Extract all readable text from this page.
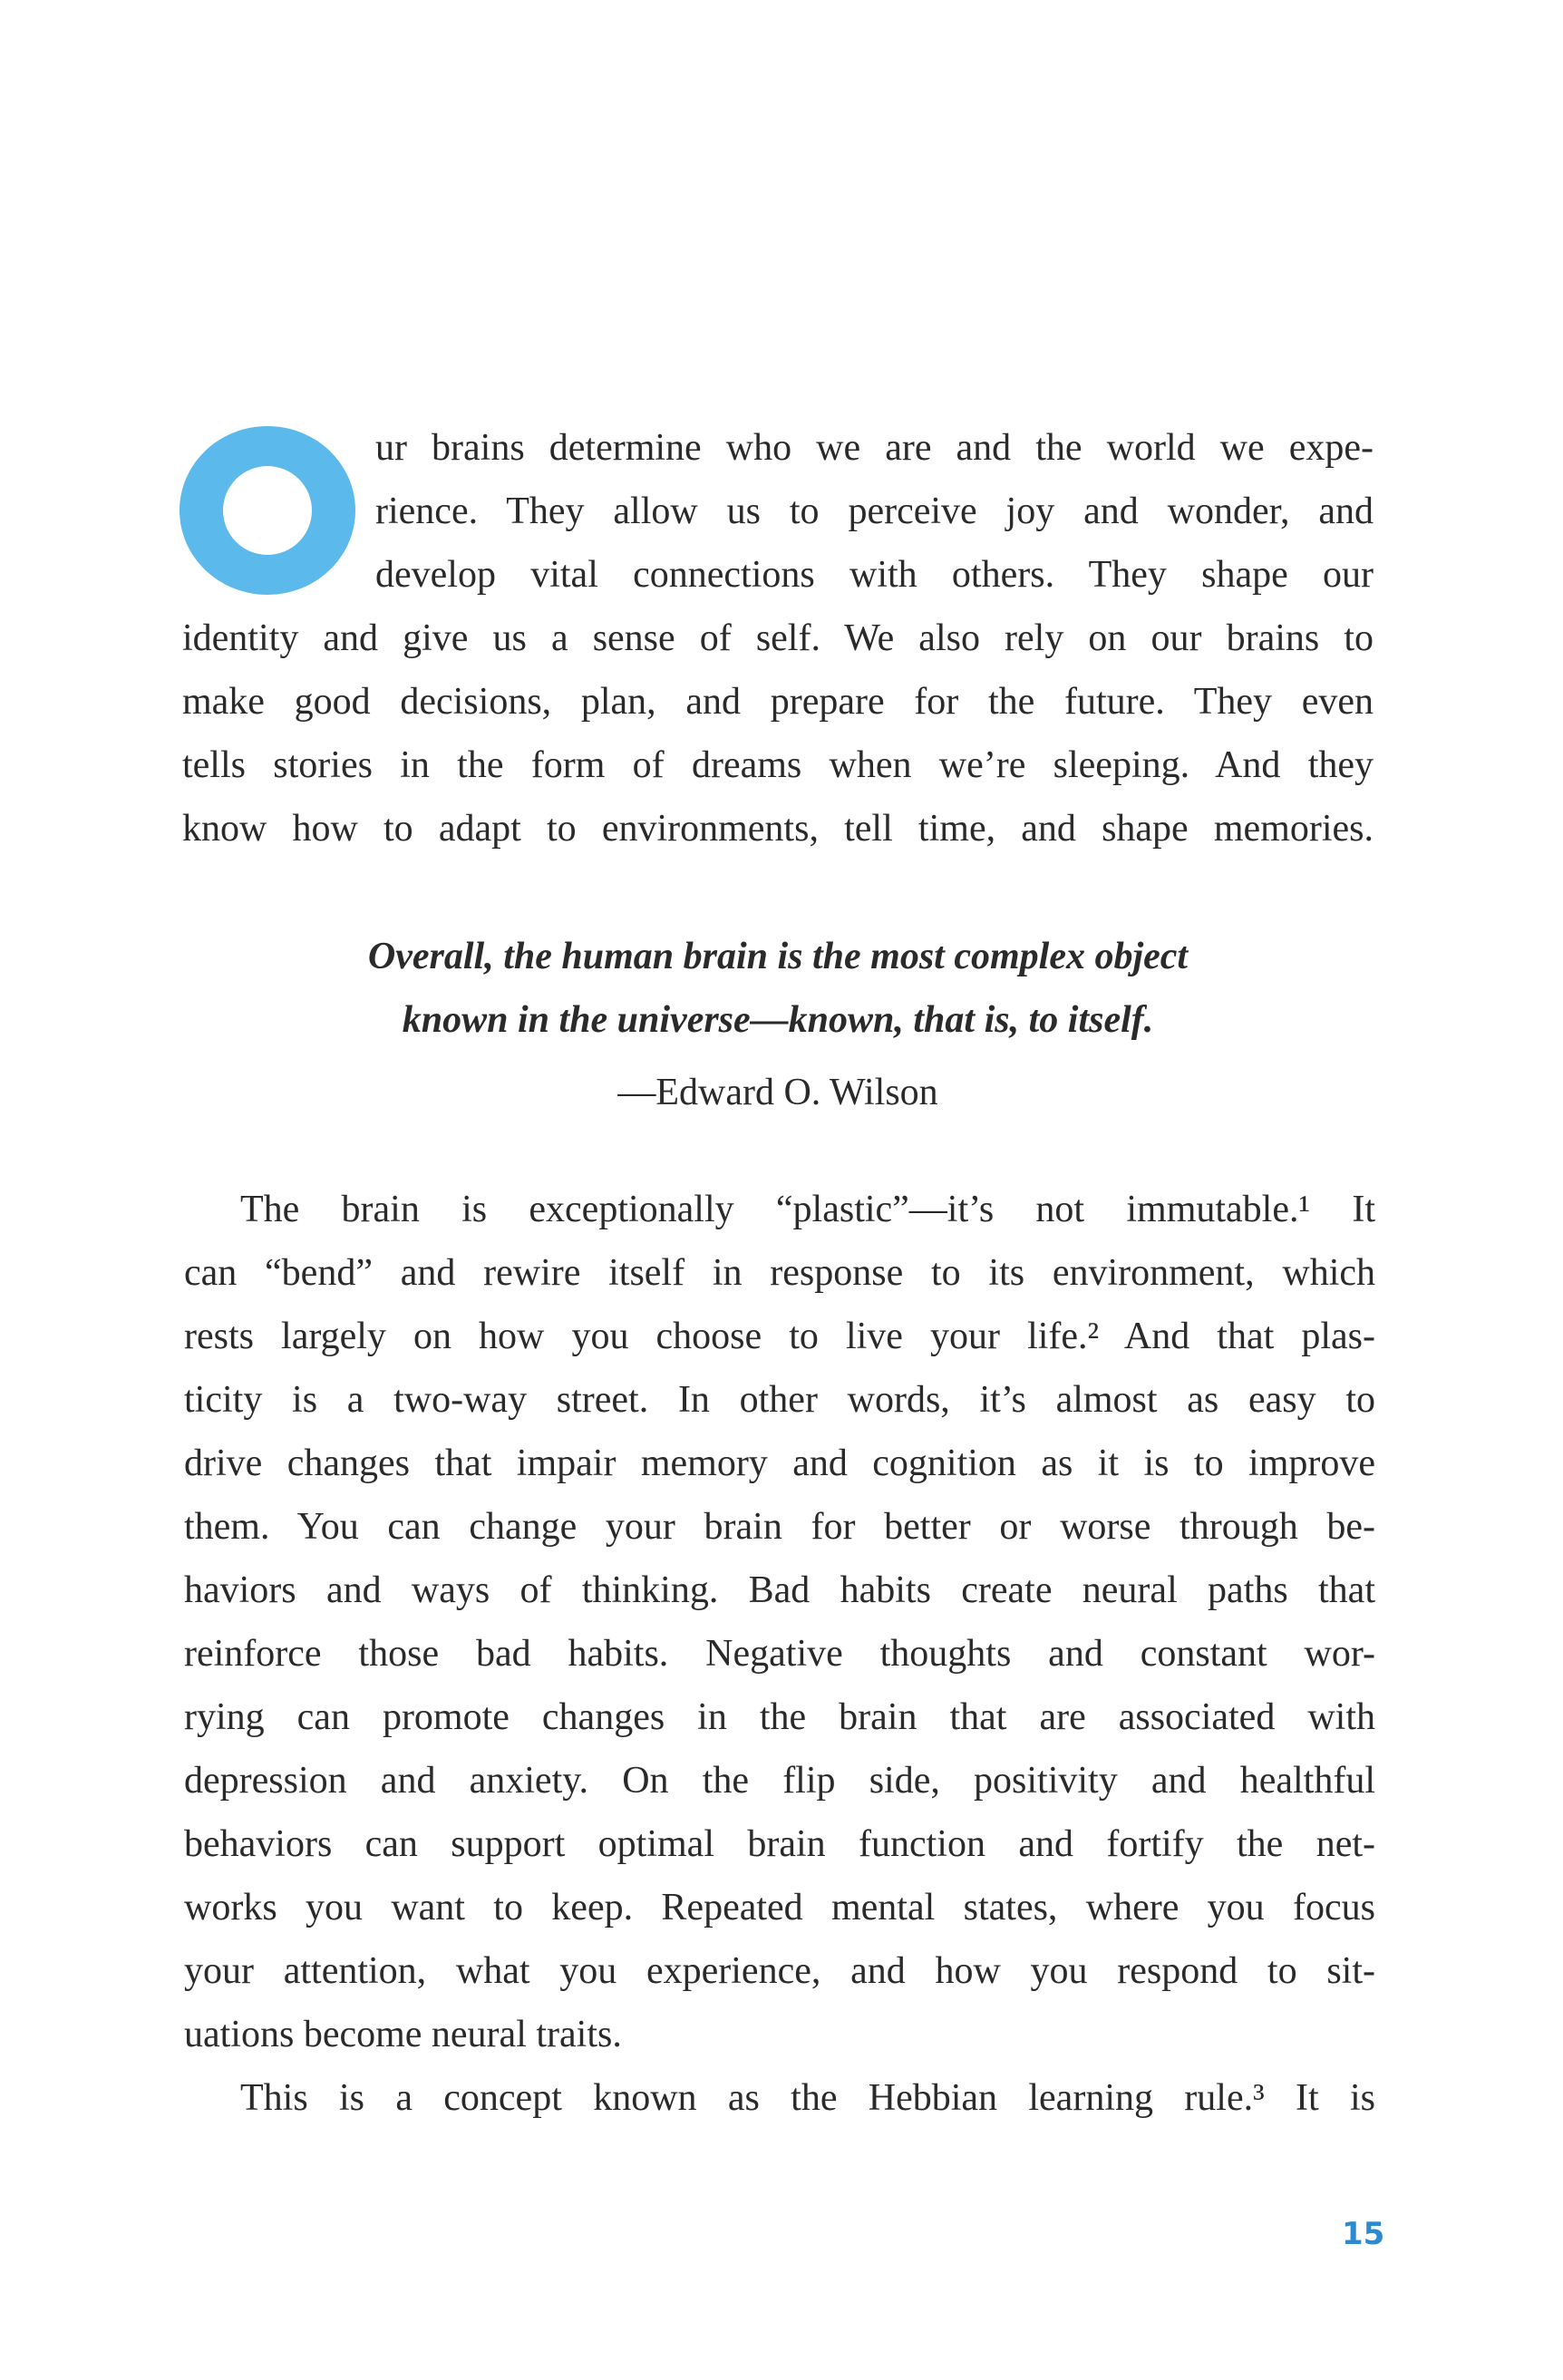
ur brains determine who we are and the world we expe-
rience. They allow us to perceive joy and wonder, and
develop vital connections with others. They shape our
identity and give us a sense of self. We also rely on our brains to
make good decisions, plan, and prepare for the future. They even
tells stories in the form of dreams when we’re sleeping. And they
know how to adapt to environments, tell time, and shape memories.
Overall, the human brain is the most complex object
known in the universe—known, that is, to itself.
—Edward O. Wilson
The brain is exceptionally “plastic”—it’s not immutable.¹ It
can “bend” and rewire itself in response to its environment, which
rests largely on how you choose to live your life.² And that plas-
ticity is a two-way street. In other words, it’s almost as easy to
drive changes that impair memory and cognition as it is to improve
them. You can change your brain for better or worse through be-
haviors and ways of thinking. Bad habits create neural paths that
reinforce those bad habits. Negative thoughts and constant wor-
rying can promote changes in the brain that are associated with
depression and anxiety. On the flip side, positivity and healthful
behaviors can support optimal brain function and fortify the net-
works you want to keep. Repeated mental states, where you focus
your attention, what you experience, and how you respond to sit-
uations become neural traits.
This is a concept known as the Hebbian learning rule.³ It is
15
